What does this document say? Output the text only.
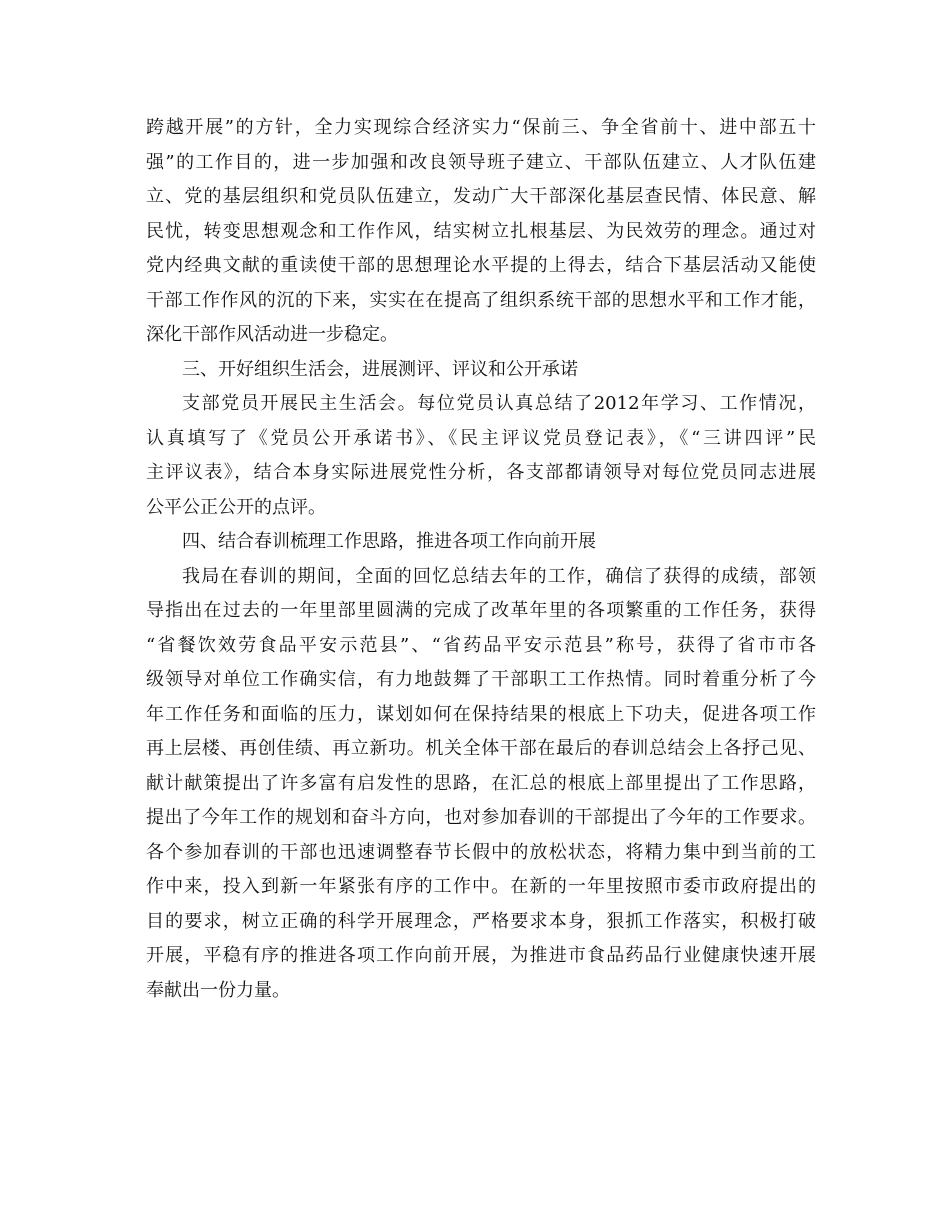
跨越开展”的方针，全力实现综合经济实力“保前三、争全省前十、进中部五十
强”的工作目的，进一步加强和改良领导班子建立、干部队伍建立、人才队伍建
立、党的基层组织和党员队伍建立，发动广大干部深化基层查民情、体民意、解
民忧，转变思想观念和工作作风，结实树立扎根基层、为民效劳的理念。通过对
党内经典文献的重读使干部的思想理论水平提的上得去，结合下基层活动又能使
干部工作作风的沉的下来，实实在在提高了组织系统干部的思想水平和工作才能，
深化干部作风活动进一步稳定。
三、开好组织生活会，进展测评、评议和公开承诺
支部党员开展民主生活会。每位党员认真总结了2012年学习、工作情况，
认真填写了《党员公开承诺书》、《民主评议党员登记表》，《“三讲四评”民
主评议表》，结合本身实际进展党性分析，各支部都请领导对每位党员同志进展
公平公正公开的点评。
四、结合春训梳理工作思路，推进各项工作向前开展
我局在春训的期间，全面的回忆总结去年的工作，确信了获得的成绩，部领
导指出在过去的一年里部里圆满的完成了改革年里的各项繁重的工作任务，获得
“省餐饮效劳食品平安示范县”、“省药品平安示范县”称号，获得了省市市各
级领导对单位工作确实信，有力地鼓舞了干部职工工作热情。同时着重分析了今
年工作任务和面临的压力，谋划如何在保持结果的根底上下功夫，促进各项工作
再上层楼、再创佳绩、再立新功。机关全体干部在最后的春训总结会上各抒己见、
献计献策提出了许多富有启发性的思路，在汇总的根底上部里提出了工作思路，
提出了今年工作的规划和奋斗方向，也对参加春训的干部提出了今年的工作要求。
各个参加春训的干部也迅速调整春节长假中的放松状态，将精力集中到当前的工
作中来，投入到新一年紧张有序的工作中。在新的一年里按照市委市政府提出的
目的要求，树立正确的科学开展理念，严格要求本身，狠抓工作落实，积极打破
开展，平稳有序的推进各项工作向前开展，为推进市食品药品行业健康快速开展
奉献出一份力量。
